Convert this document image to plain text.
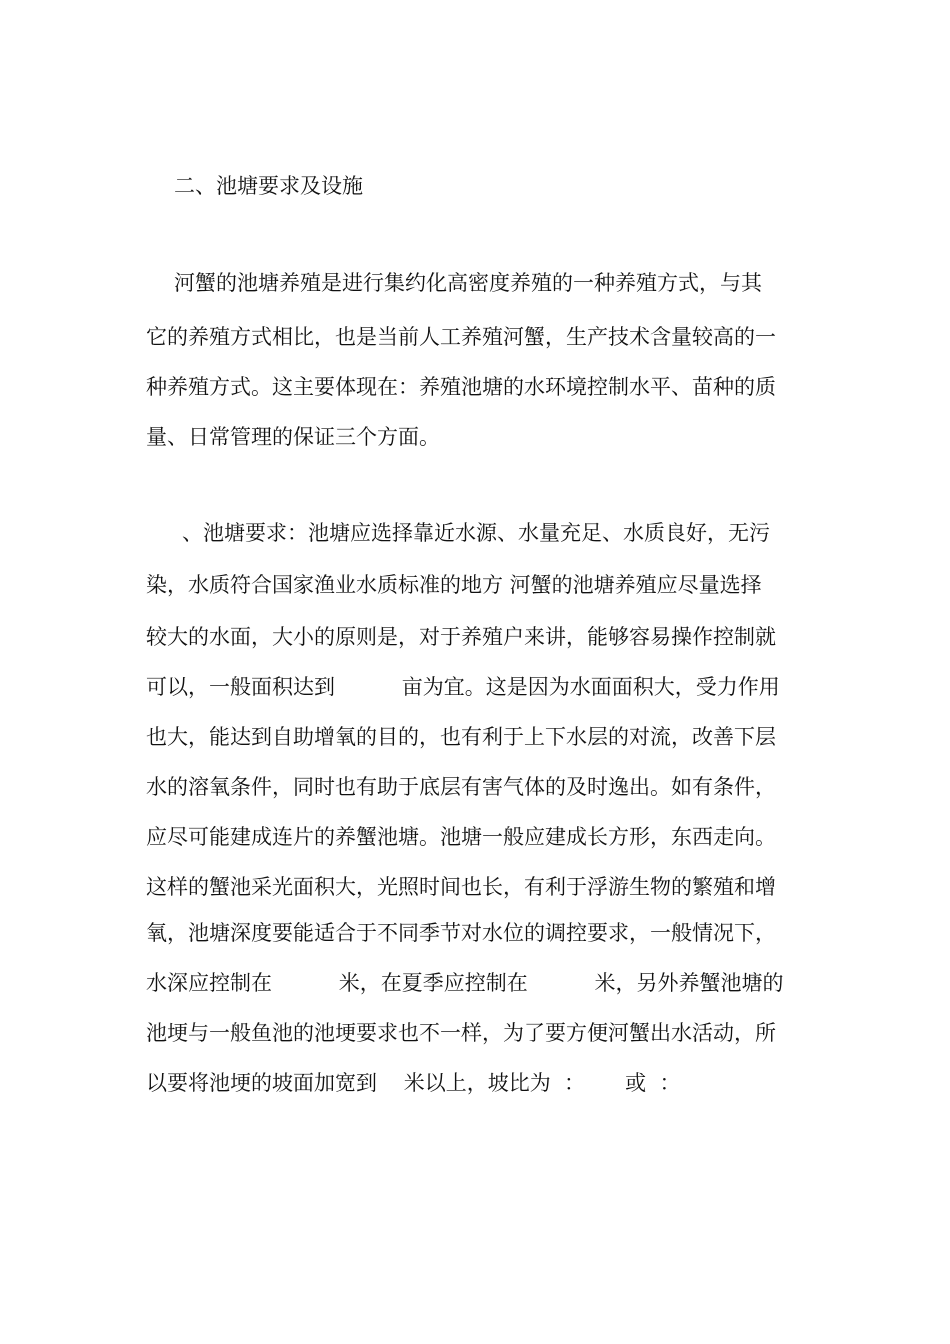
二、池塘要求及设施

河蟹的池塘养殖是进行集约化高密度养殖的一种养殖方式，与其

它的养殖方式相比，也是当前人工养殖河蟹，生产技术含量较高的一

种养殖方式。这主要体现在：养殖池塘的水环境控制水平、苗种的质

量、日常管理的保证三个方面。

、池塘要求：池塘应选择靠近水源、水量充足、水质良好，无污

染，水质符合国家渔业水质标准的地方 河蟹的池塘养殖应尽量选择

较大的水面，大小的原则是，对于养殖户来讲，能够容易操作控制就

可以，一般面积达到          亩为宜。这是因为水面面积大，受力作用

也大，能达到自助增氧的目的，也有利于上下水层的对流，改善下层

水的溶氧条件，同时也有助于底层有害气体的及时逸出。如有条件，

应尽可能建成连片的养蟹池塘。池塘一般应建成长方形，东西走向。

这样的蟹池采光面积大，光照时间也长，有利于浮游生物的繁殖和增

氧，池塘深度要能适合于不同季节对水位的调控要求，一般情况下，

水深应控制在          米，在夏季应控制在          米，另外养蟹池塘的

池埂与一般鱼池的池埂要求也不一样，为了要方便河蟹出水活动，所

以要将池埂的坡面加宽到    米以上，坡比为  ：      或  ：
